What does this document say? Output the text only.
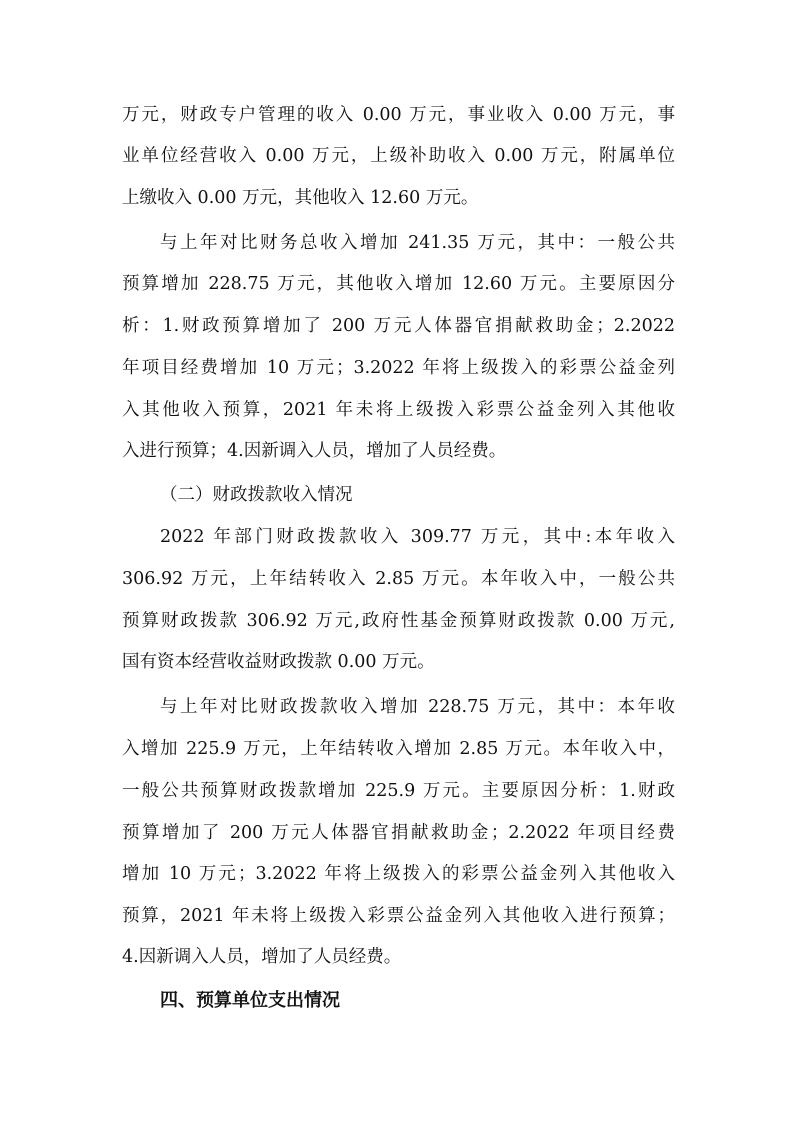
万元，财政专户管理的收入 0.00 万元，事业收入 0.00 万元，事

业单位经营收入 0.00 万元，上级补助收入 0.00 万元，附属单位

上缴收入 0.00 万元，其他收入 12.60 万元。

与上年对比财务总收入增加 241.35 万元，其中：一般公共

预算增加 228.75 万元，其他收入增加 12.60 万元。主要原因分

析：1.财政预算增加了 200 万元人体器官捐献救助金；2.2022

年项目经费增加 10 万元；3.2022 年将上级拨入的彩票公益金列

入其他收入预算，2021 年未将上级拨入彩票公益金列入其他收

入进行预算；4.因新调入人员，增加了人员经费。

（二）财政拨款收入情况

2022 年部门财政拨款收入 309.77 万元，其中:本年收入

306.92 万元，上年结转收入 2.85 万元。本年收入中，一般公共

预算财政拨款 306.92 万元,政府性基金预算财政拨款 0.00 万元,

国有资本经营收益财政拨款 0.00 万元。

与上年对比财政拨款收入增加 228.75 万元，其中：本年收

入增加 225.9 万元，上年结转收入增加 2.85 万元。本年收入中，

一般公共预算财政拨款增加 225.9 万元。主要原因分析：1.财政

预算增加了 200 万元人体器官捐献救助金；2.2022 年项目经费

增加 10 万元；3.2022 年将上级拨入的彩票公益金列入其他收入

预算，2021 年未将上级拨入彩票公益金列入其他收入进行预算；

4.因新调入人员，增加了人员经费。

四、预算单位支出情况
